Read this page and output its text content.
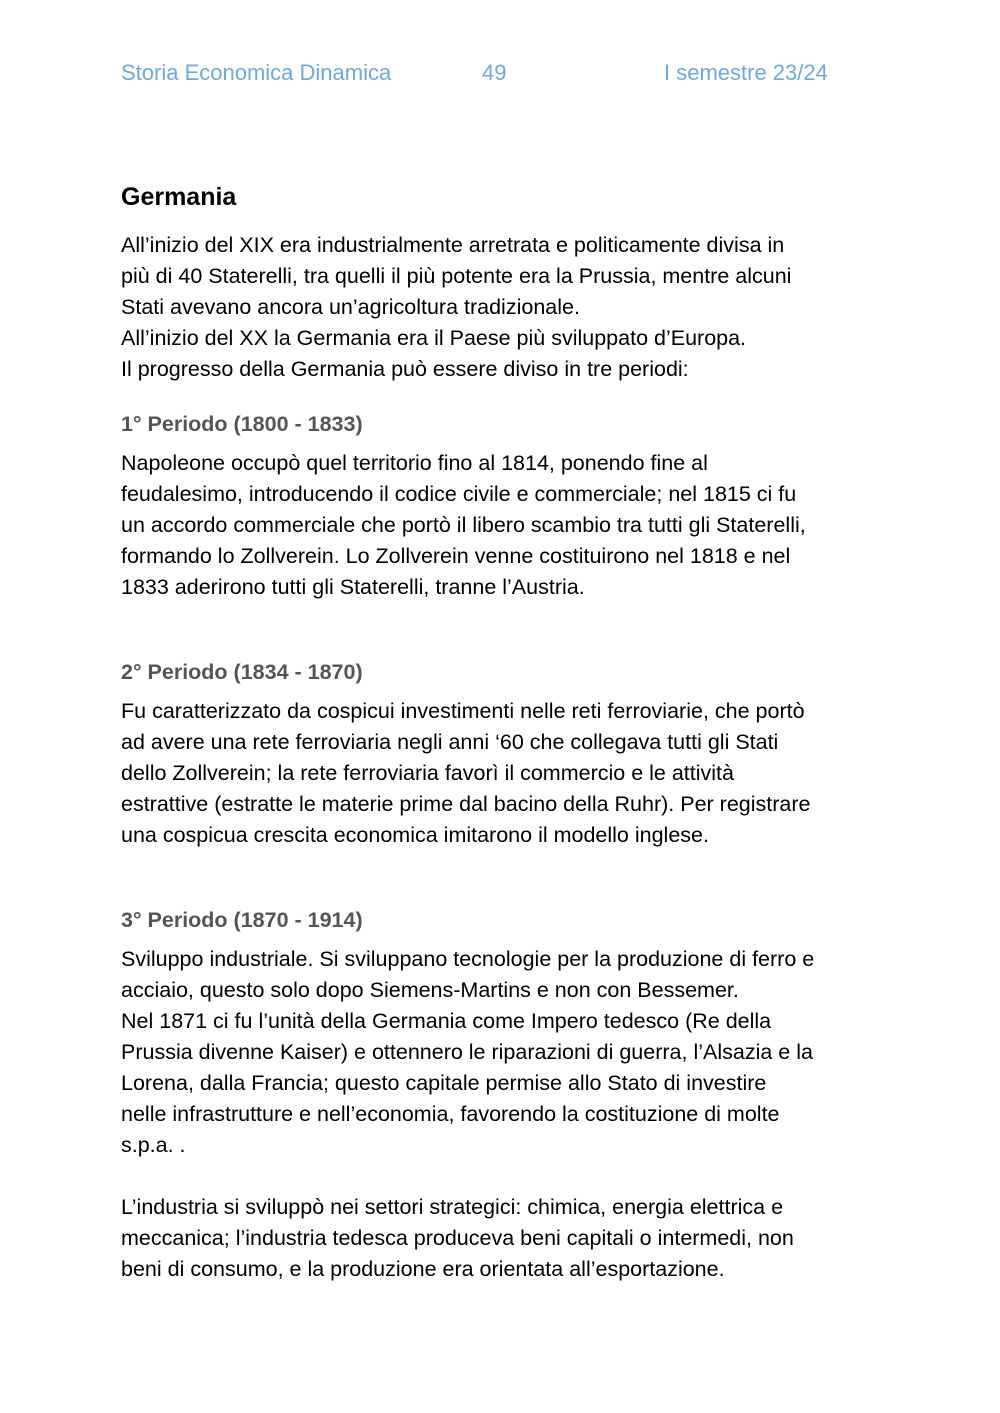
Storia Economica Dinamica	49	I semestre 23/24
Germania

All’inizio del XIX era industrialmente arretrata e politicamente divisa in
più di 40 Staterelli, tra quelli il più potente era la Prussia, mentre alcuni
Stati avevano ancora un’agricoltura tradizionale.
All’inizio del XX la Germania era il Paese più sviluppato d’Europa.
Il progresso della Germania può essere diviso in tre periodi:

1° Periodo (1800 - 1833)

Napoleone occupò quel territorio fino al 1814, ponendo fine al
feudalesimo, introducendo il codice civile e commerciale; nel 1815 ci fu
un accordo commerciale che portò il libero scambio tra tutti gli Staterelli,
formando lo Zollverein. Lo Zollverein venne costituirono nel 1818 e nel
1833 aderirono tutti gli Staterelli, tranne l’Austria.

2° Periodo (1834 - 1870)

Fu caratterizzato da cospicui investimenti nelle reti ferroviarie, che portò
ad avere una rete ferroviaria negli anni ‘60 che collegava tutti gli Stati
dello Zollverein; la rete ferroviaria favorì il commercio e le attività
estrattive (estratte le materie prime dal bacino della Ruhr). Per registrare
una cospicua crescita economica imitarono il modello inglese.

3° Periodo (1870 - 1914)

Sviluppo industriale. Si sviluppano tecnologie per la produzione di ferro e
acciaio, questo solo dopo Siemens-Martins e non con Bessemer.
Nel 1871 ci fu l’unità della Germania come Impero tedesco (Re della
Prussia divenne Kaiser) e ottennero le riparazioni di guerra, l’Alsazia e la
Lorena, dalla Francia; questo capitale permise allo Stato di investire
nelle infrastrutture e nell’economia, favorendo la costituzione di molte
s.p.a. .

L’industria si sviluppò nei settori strategici: chimica, energia elettrica e
meccanica; l’industria tedesca produceva beni capitali o intermedi, non
beni di consumo, e la produzione era orientata all’esportazione.
